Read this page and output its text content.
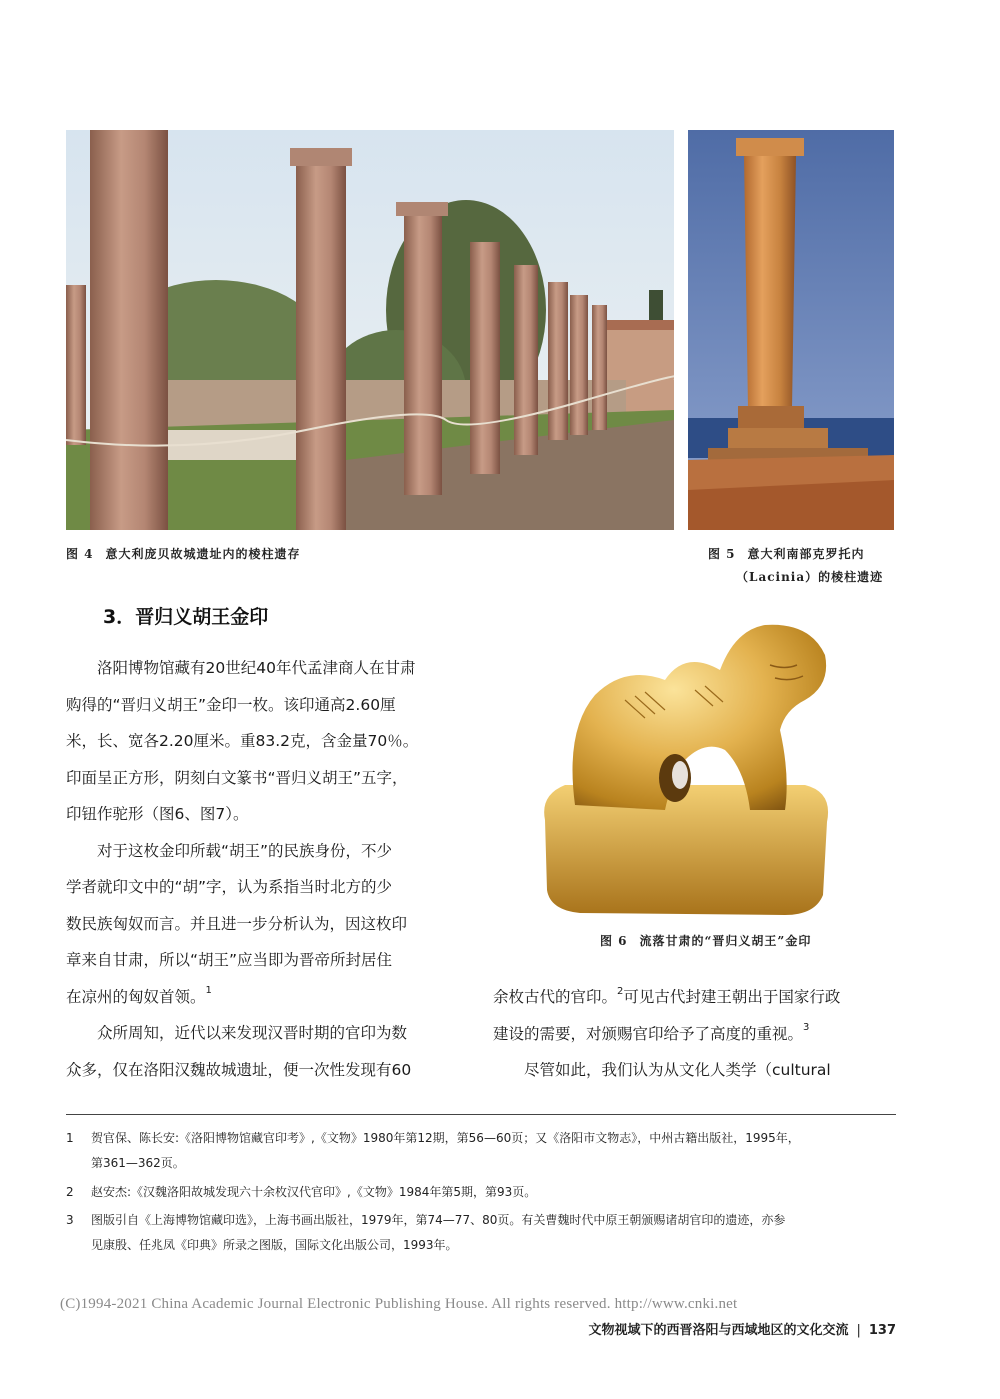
图 4 意大利庞贝故城遗址内的棱柱遗存	图 5 意大利南部克罗托内
（Lacinia）的棱柱遗迹
3．晋归义胡王金印
图 6 流落甘肃的“晋归义胡王”金印

洛阳博物馆藏有20世纪40年代孟津商人在甘肃

购得的“晋归义胡王”金印一枚。该印通高2.60厘

米，长、宽各2.20厘米。重83.2克，含金量70％。

印面呈正方形，阴刻白文篆书“晋归义胡王”五字，

印钮作驼形（图6、图7）。

对于这枚金印所载“胡王”的民族身份，不少

学者就印文中的“胡”字，认为系指当时北方的少

数民族匈奴而言。并且进一步分析认为，因这枚印

章来自甘肃，所以“胡王”应当即为晋帝所封居住

在凉州的匈奴首领。$^1$

众所周知，近代以来发现汉晋时期的官印为数

众多，仅在洛阳汉魏故城遗址，便一次性发现有60

余枚古代的官印。$^2$可见古代封建王朝出于国家行政

建设的需要，对颁赐官印给予了高度的重视。$^3$

尽管如此，我们认为从文化人类学（cultural

1 贺官保、陈长安:《洛阳博物馆藏官印考》,《文物》1980年第12期，第56—60页；又《洛阳市文物志》，中州古籍出版社，1995年，
第361—362页。
2 赵安杰:《汉魏洛阳故城发现六十余枚汉代官印》,《文物》1984年第5期，第93页。
3 图版引自《上海博物馆藏印选》，上海书画出版社，1979年，第74—77、80页。有关曹魏时代中原王朝颁赐诸胡官印的遗迹，亦参
见康殷、任兆凤《印典》所录之图版，国际文化出版公司，1993年。
(C)1994-2021 China Academic Journal Electronic Publishing House. All rights reserved. http://www.cnki.net
文物视域下的西晋洛阳与西域地区的文化交流 | 137
